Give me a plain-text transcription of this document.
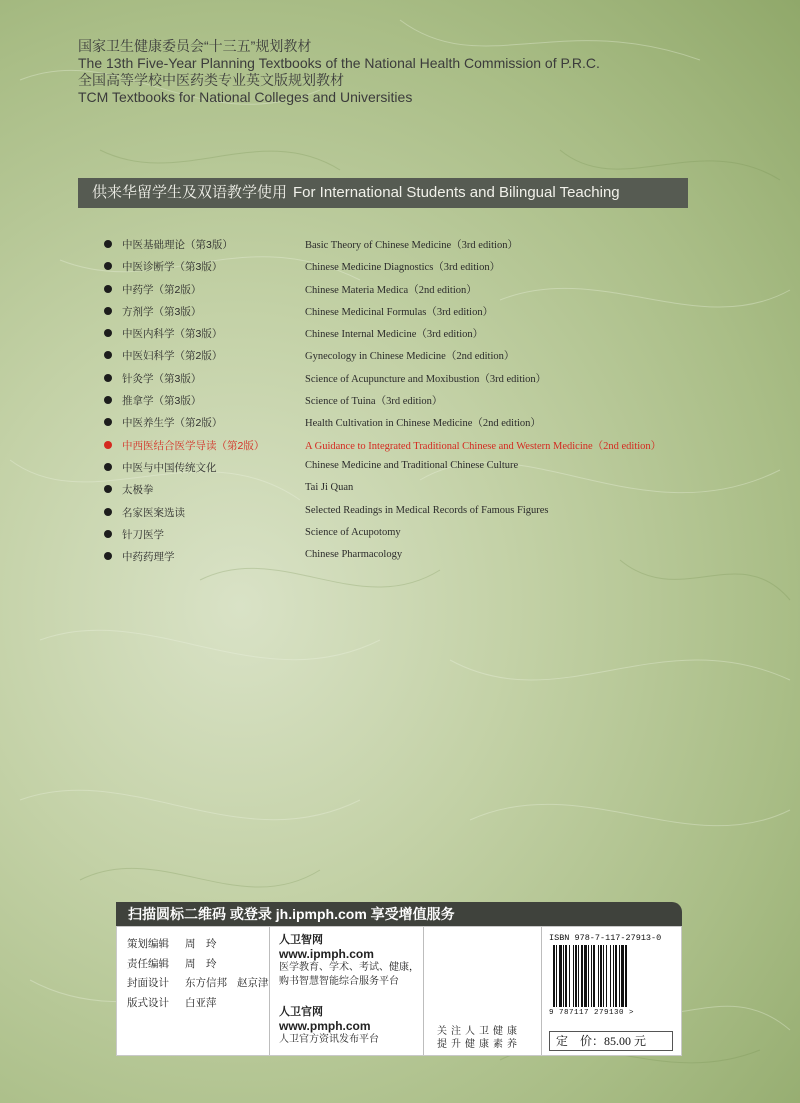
国家卫生健康委员会“十三五”规划教材
The 13th Five-Year Planning Textbooks of the National Health Commission of P.R.C.
全国高等学校中医药类专业英文版规划教材
TCM Textbooks for National Colleges and Universities
供来华留学生及双语教学使用 For International Students and Bilingual Teaching
中医基础理论（第3版）	Basic Theory of Chinese Medicine（3rd edition）
中医诊断学（第3版）	Chinese Medicine Diagnostics（3rd edition）
中药学（第2版）	Chinese Materia Medica（2nd edition）
方剂学（第3版）	Chinese Medicinal Formulas（3rd edition）
中医内科学（第3版）	Chinese Internal Medicine（3rd edition）
中医妇科学（第2版）	Gynecology in Chinese Medicine（2nd edition）
针灸学（第3版）	Science of Acupuncture and Moxibustion（3rd edition）
推拿学（第3版）	Science of Tuina（3rd edition）
中医养生学（第2版）	Health Cultivation in Chinese Medicine（2nd edition）
中西医结合医学导读（第2版）	A Guidance to Integrated Traditional Chinese and Western Medicine（2nd edition）
中医与中国传统文化	Chinese Medicine and Traditional Chinese Culture
太极拳	Tai Ji Quan
名家医案选读	Selected Readings in Medical Records of Famous Figures
针刀医学	Science of Acupotomy
中药药理学	Chinese Pharmacology
扫描圆标二维码 或登录 jh.ipmph.com 享受增值服务
策划编辑 周　玲
责任编辑 周　玲
封面设计 东方信邦 赵京津
版式设计 白亚萍
人卫智网
www.ipmph.com
医学教育、学术、考试、健康，
购书智慧智能综合服务平台
人卫官网
www.pmph.com
人卫官方资讯发布平台
关注人卫健康
提升健康素养
ISBN 978-7-117-27913-0
9 787117 279130 >
定　价：85.00 元
